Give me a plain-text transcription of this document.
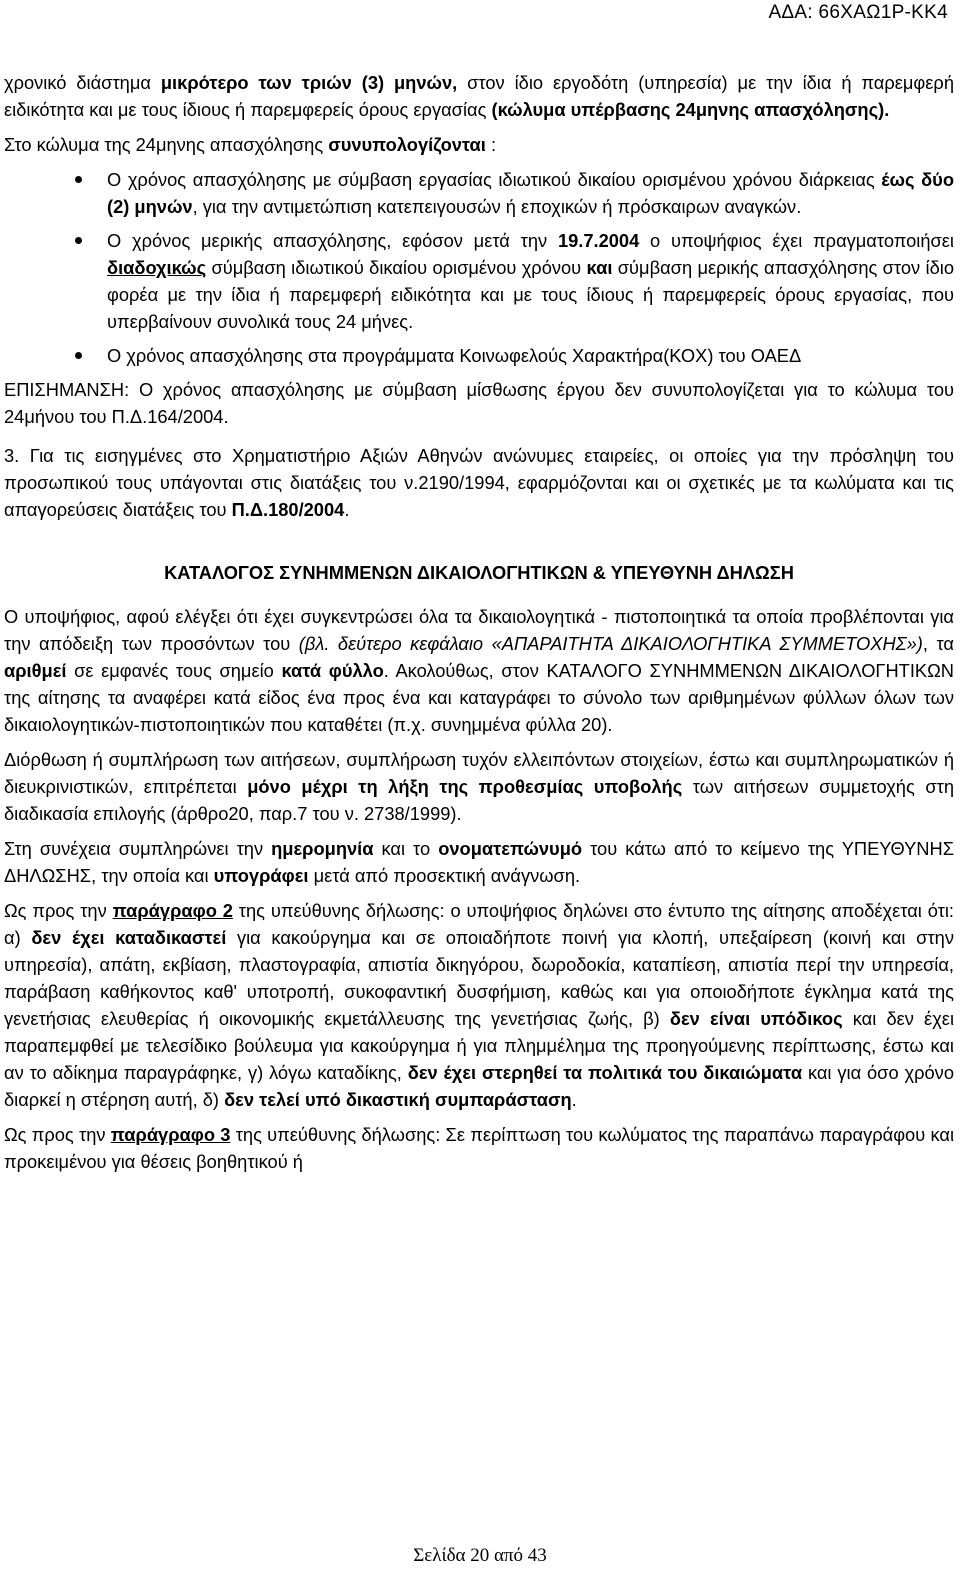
ΑΔΑ: 66ΧΑΩ1Ρ-ΚΚ4

χρονικό διάστημα μικρότερο των τριών (3) μηνών, στον ίδιο εργοδότη (υπηρεσία) με την ίδια ή παρεμφερή ειδικότητα και με τους ίδιους ή παρεμφερείς όρους εργασίας (κώλυμα υπέρβασης 24μηνης απασχόλησης).

Στο κώλυμα της 24μηνης απασχόλησης συνυπολογίζονται :

Ο χρόνος απασχόλησης με σύμβαση εργασίας ιδιωτικού δικαίου ορισμένου χρόνου διάρκειας έως δύο (2) μηνών, για την αντιμετώπιση κατεπειγουσών ή εποχικών ή πρόσκαιρων αναγκών.
Ο χρόνος μερικής απασχόλησης, εφόσον μετά την 19.7.2004 ο υποψήφιος έχει πραγματοποιήσει διαδοχικώς σύμβαση ιδιωτικού δικαίου ορισμένου χρόνου και σύμβαση μερικής απασχόλησης στον ίδιο φορέα με την ίδια ή παρεμφερή ειδικότητα και με τους ίδιους ή παρεμφερείς όρους εργασίας, που υπερβαίνουν συνολικά τους 24 μήνες.
Ο χρόνος απασχόλησης στα προγράμματα Κοινωφελούς Χαρακτήρα(ΚΟΧ) του ΟΑΕΔ

ΕΠΙΣΗΜΑΝΣΗ: Ο χρόνος απασχόλησης με σύμβαση μίσθωσης έργου δεν συνυπολογίζεται για το κώλυμα του 24μήνου του Π.Δ.164/2004.

3. Για τις εισηγμένες στο Χρηματιστήριο Αξιών Αθηνών ανώνυμες εταιρείες, οι οποίες για την πρόσληψη του προσωπικού τους υπάγονται στις διατάξεις του ν.2190/1994, εφαρμόζονται και οι σχετικές με τα κωλύματα και τις απαγορεύσεις διατάξεις του Π.Δ.180/2004.

ΚΑΤΑΛΟΓΟΣ ΣΥΝΗΜΜΕΝΩΝ ΔΙΚΑΙΟΛΟΓΗΤΙΚΩΝ & ΥΠΕΥΘΥΝΗ ΔΗΛΩΣΗ

Ο υποψήφιος, αφού ελέγξει ότι έχει συγκεντρώσει όλα τα δικαιολογητικά - πιστοποιητικά τα οποία προβλέπονται για την απόδειξη των προσόντων του (βλ. δεύτερο κεφάλαιο «ΑΠΑΡΑΙΤΗΤΑ ΔΙΚΑΙΟΛΟΓΗΤΙΚΑ ΣΥΜΜΕΤΟΧΗΣ»), τα αριθμεί σε εμφανές τους σημείο κατά φύλλο. Ακολούθως, στον ΚΑΤΑΛΟΓΟ ΣΥΝΗΜΜΕΝΩΝ ΔΙΚΑΙΟΛΟΓΗΤΙΚΩΝ της αίτησης τα αναφέρει κατά είδος ένα προς ένα και καταγράφει το σύνολο των αριθμημένων φύλλων όλων των δικαιολογητικών-πιστοποιητικών που καταθέτει (π.χ. συνημμένα φύλλα 20).

Διόρθωση ή συμπλήρωση των αιτήσεων, συμπλήρωση τυχόν ελλειπόντων στοιχείων, έστω και συμπληρωματικών ή διευκρινιστικών, επιτρέπεται μόνο μέχρι τη λήξη της προθεσμίας υποβολής των αιτήσεων συμμετοχής στη διαδικασία επιλογής (άρθρο20, παρ.7 του ν. 2738/1999).

Στη συνέχεια συμπληρώνει την ημερομηνία και το ονοματεπώνυμό του κάτω από το κείμενο της ΥΠΕΥΘΥΝΗΣ ΔΗΛΩΣΗΣ, την οποία και υπογράφει μετά από προσεκτική ανάγνωση.

Ως προς την παράγραφο 2 της υπεύθυνης δήλωσης: ο υποψήφιος δηλώνει στο έντυπο της αίτησης αποδέχεται ότι: α) δεν έχει καταδικαστεί για κακούργημα και σε οποιαδήποτε ποινή για κλοπή, υπεξαίρεση (κοινή και στην υπηρεσία), απάτη, εκβίαση, πλαστογραφία, απιστία δικηγόρου, δωροδοκία, καταπίεση, απιστία περί την υπηρεσία, παράβαση καθήκοντος καθ' υποτροπή, συκοφαντική δυσφήμιση, καθώς και για οποιοδήποτε έγκλημα κατά της γενετήσιας ελευθερίας ή οικονομικής εκμετάλλευσης της γενετήσιας ζωής, β) δεν είναι υπόδικος και δεν έχει παραπεμφθεί με τελεσίδικο βούλευμα για κακούργημα ή για πλημμέλημα της προηγούμενης περίπτωσης, έστω και αν το αδίκημα παραγράφηκε, γ) λόγω καταδίκης, δεν έχει στερηθεί τα πολιτικά του δικαιώματα και για όσο χρόνο διαρκεί η στέρηση αυτή, δ) δεν τελεί υπό δικαστική συμπαράσταση.

Ως προς την παράγραφο 3 της υπεύθυνης δήλωσης: Σε περίπτωση του κωλύματος της παραπάνω παραγράφου και προκειμένου για θέσεις βοηθητικού ή

Σελίδα 20 από 43
